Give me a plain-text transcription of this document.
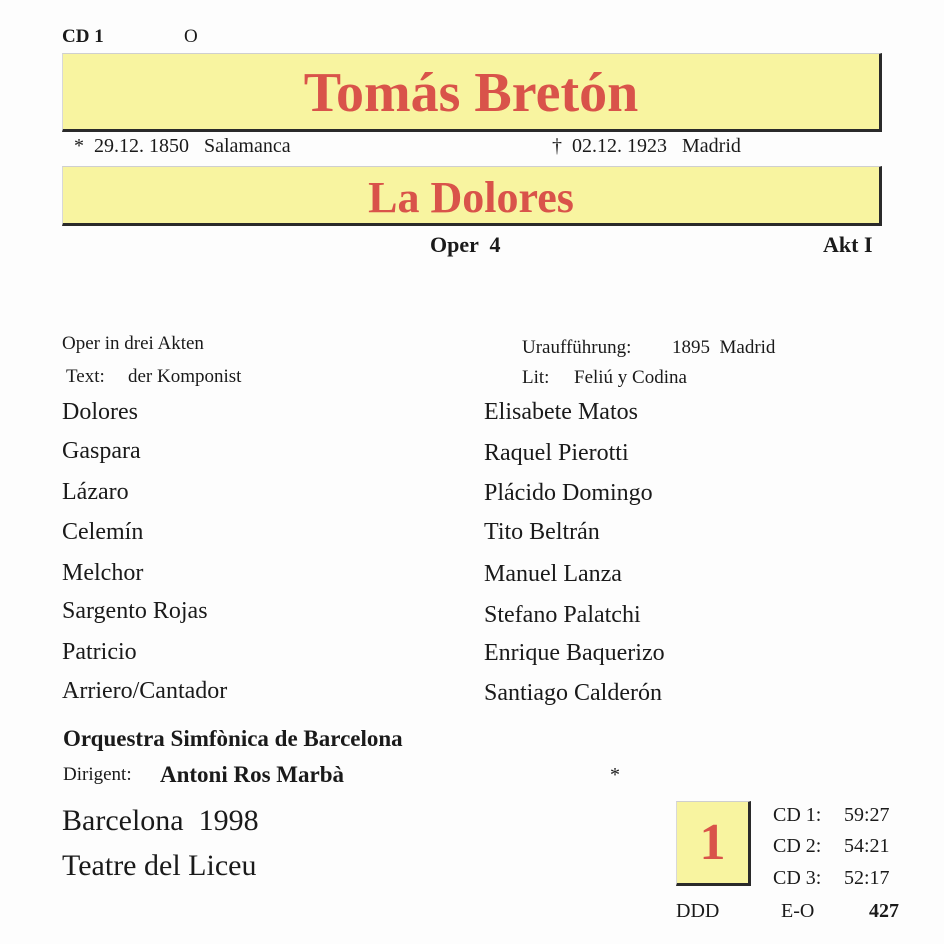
CD 1	O
Tomás Bretón
*  29.12. 1850   Salamanca	†  02.12. 1923   Madrid
La Dolores
Oper  4	Akt I
Oper in drei Akten
Text: der Komponist
Uraufführung: 1895  Madrid
Lit: Feliú y Codina
Dolores	Elisabete Matos
Gaspara	Raquel Pierotti
Lázaro	Plácido Domingo
Celemín	Tito Beltrán
Melchor	Manuel Lanza
Sargento Rojas	Stefano Palatchi
Patricio	Enrique Baquerizo
Arriero/Cantador	Santiago Calderón
Orquestra Simfònica de Barcelona
Dirigent: Antoni Ros Marbà	*
Barcelona  1998
Teatre del Liceu	1	CD 1: 59:27
CD 2: 54:21
CD 3: 52:17
DDD	E-O	427
